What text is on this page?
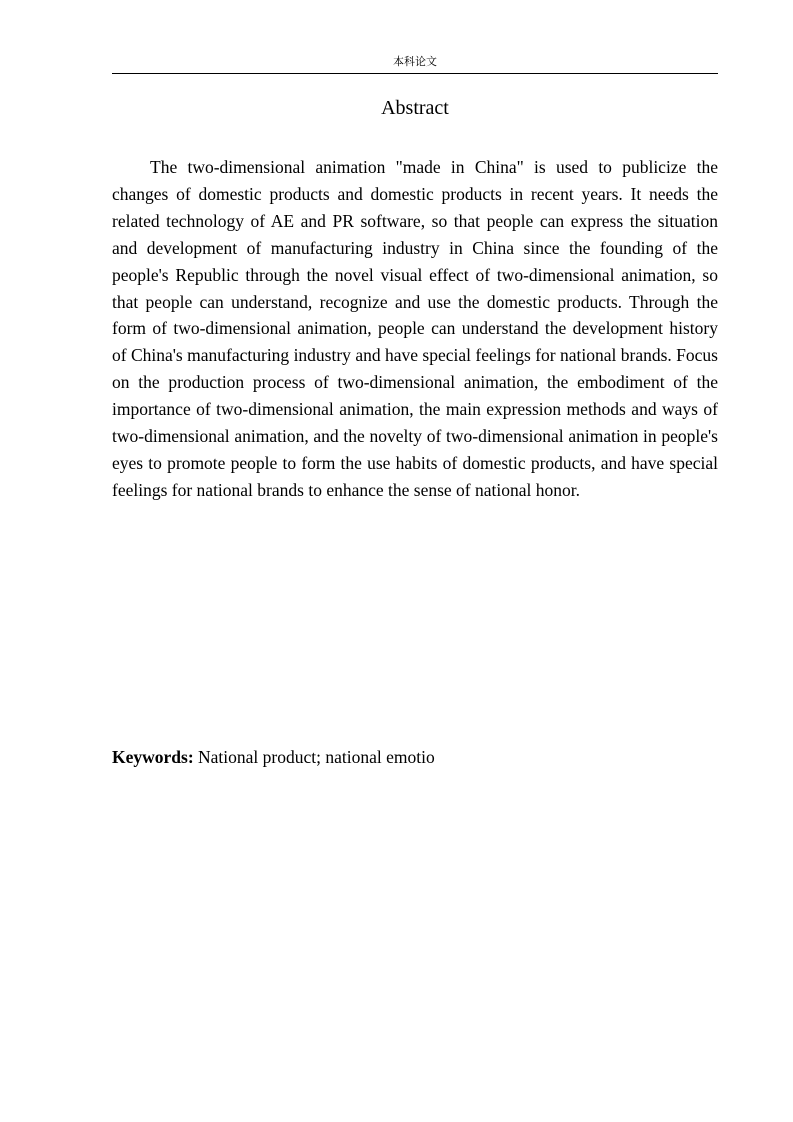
本科论文
Abstract

The two-dimensional animation "made in China" is used to publicize the changes of domestic products and domestic products in recent years. It needs the related technology of AE and PR software, so that people can express the situation and development of manufacturing industry in China since the founding of the people's Republic through the novel visual effect of two-dimensional animation, so that people can understand, recognize and use the domestic products. Through the form of two-dimensional animation, people can understand the development history of China's manufacturing industry and have special feelings for national brands. Focus on the production process of two-dimensional animation, the embodiment of the importance of two-dimensional animation, the main expression methods and ways of two-dimensional animation, and the novelty of two-dimensional animation in people's eyes to promote people to form the use habits of domestic products, and have special feelings for national brands to enhance the sense of national honor.

Keywords: National product; national emotio
